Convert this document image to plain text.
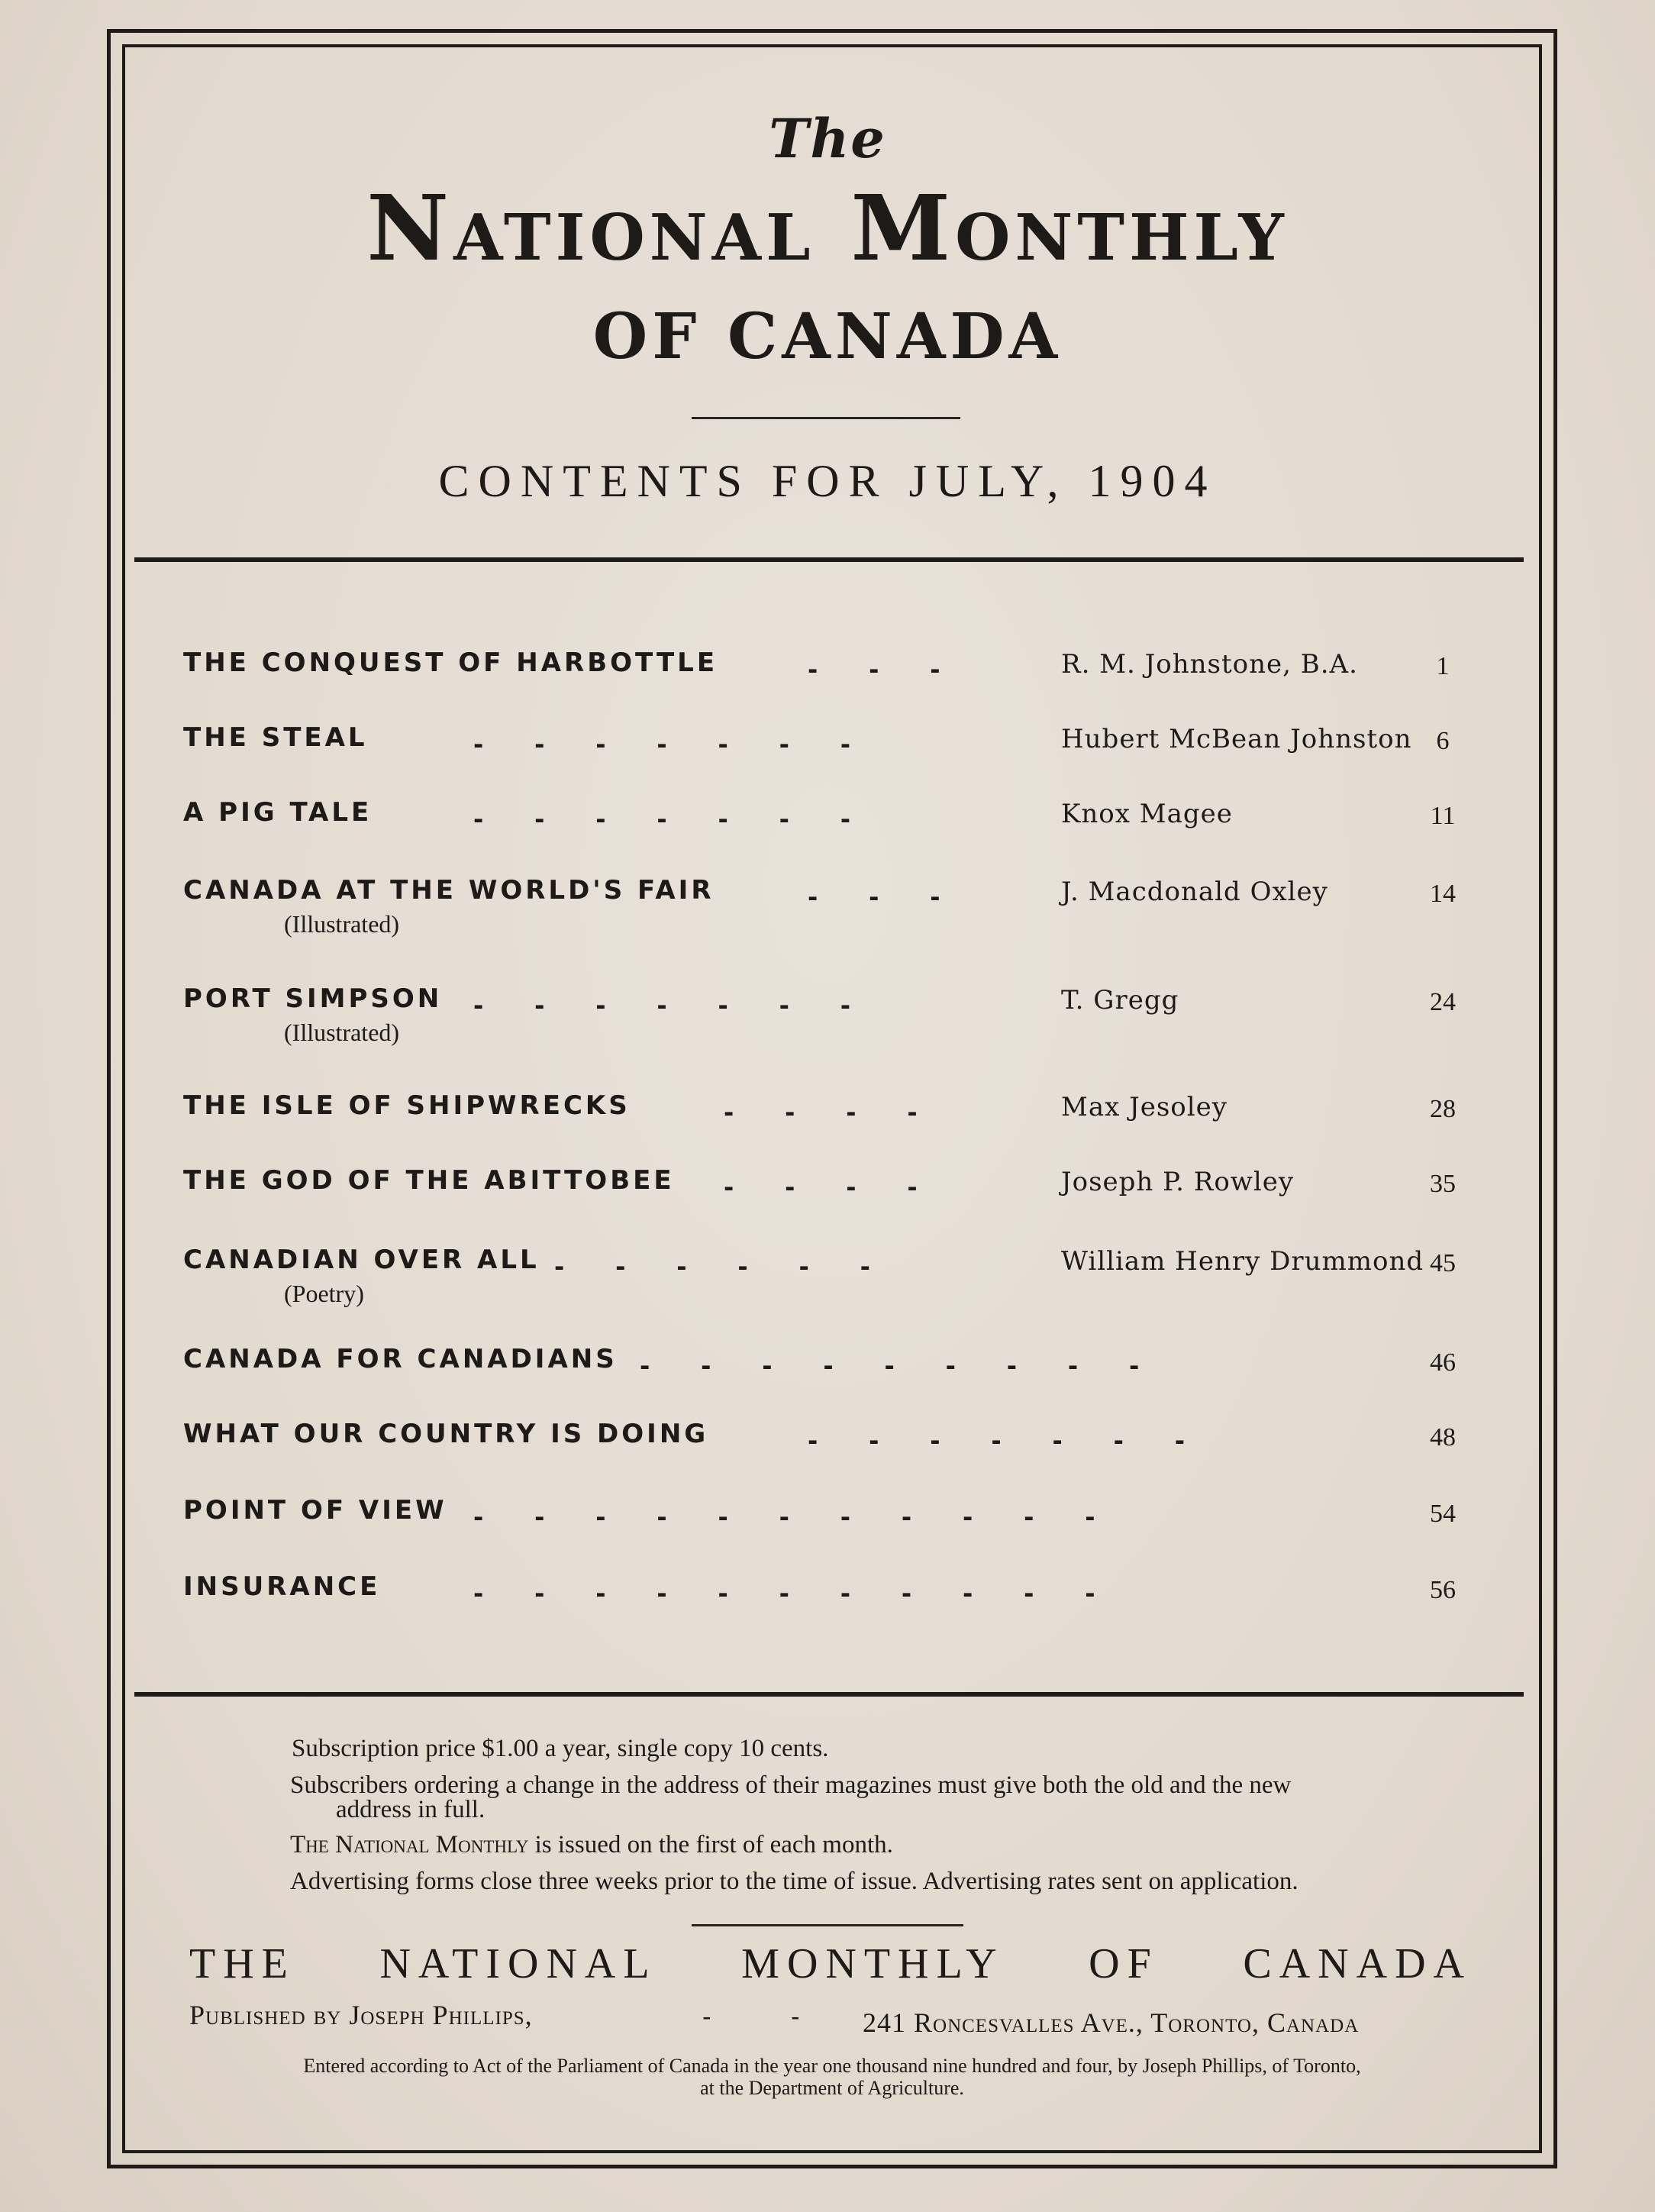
The
National Monthly
OF CANADA
CONTENTS FOR JULY, 1904
THE CONQUEST OF HARBOTTLE	-      -      -	R. M. Johnstone, B.A.	1
THE STEAL	-      -      -      -      -      -      -	Hubert McBean Johnston 6
A PIG TALE	-      -      -      -      -      -      -	Knox Magee	11
CANADA AT THE WORLD'S FAIR
(Illustrated)
-      -      -	J. Macdonald Oxley	14
PORT SIMPSON
(Illustrated)
-      -      -      -      -      -      -	T. Gregg	24
THE ISLE OF SHIPWRECKS	-      -      -      -	Max Jesoley	28
THE GOD OF THE ABITTOBEE -      -      -      -	Joseph P. Rowley	35
CANADIAN OVER ALL
(Poetry)
-      -      -      -      -      -	William Henry Drummond 45
CANADA FOR CANADIANS -      -      -      -      -      -      -      -      -	46
WHAT OUR COUNTRY IS DOING	-      -      -      -      -      -      -	48
POINT OF VIEW -      -      -      -      -      -      -      -      -      -      -	54
INSURANCE	-      -      -      -      -      -      -      -      -      -      -	56
Subscription price $1.00 a year, single copy 10 cents.
Subscribers ordering a change in the address of their magazines must give both the old and the new
address in full.
The National Monthly is issued on the first of each month.
Advertising forms close three weeks prior to the time of issue. Advertising rates sent on application.
THE NATIONAL MONTHLY OF CANADA
Published by Joseph Phillips,	-	- 241 Roncesvalles Ave., Toronto, Canada
Entered according to Act of the Parliament of Canada in the year one thousand nine hundred and four, by Joseph Phillips, of Toronto,
at the Department of Agriculture.
